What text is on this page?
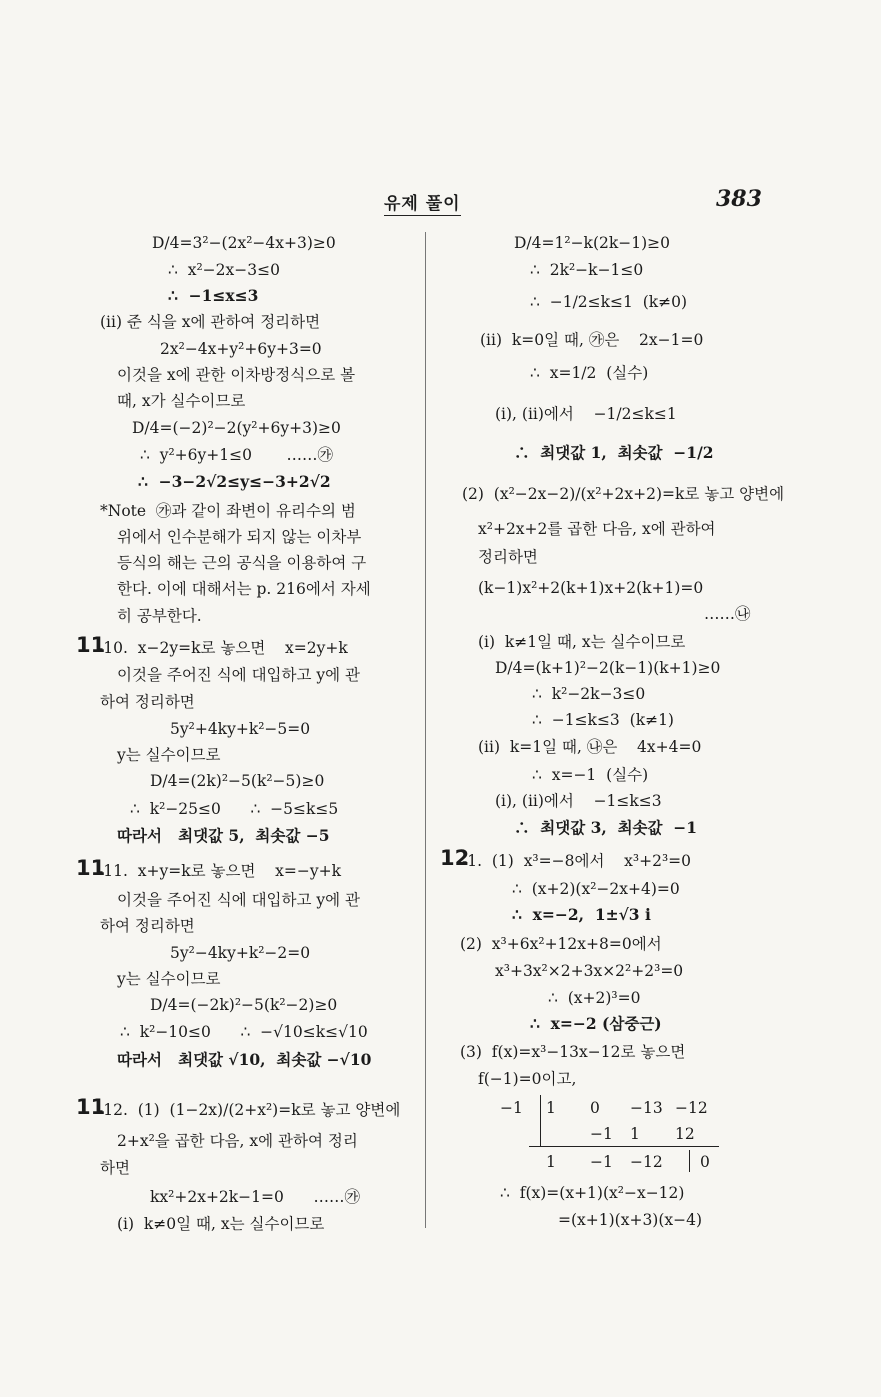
유제 풀이	383
D/4=3²−(2x²−4x+3)≥0
∴  x²−2x−3≤0
∴  −1≤x≤3
(ii) 준 식을 x에 관하여 정리하면
2x²−4x+y²+6y+3=0
이것을 x에 관한 이차방정식으로 볼
때, x가 실수이므로
D/4=(−2)²−2(y²+6y+3)≥0
∴  y²+6y+1≤0       ……㉮
∴  −3−2√2≤y≤−3+2√2
*Note  ㉮과 같이 좌변이 유리수의 범
위에서 인수분해가 되지 않는 이차부
등식의 해는 근의 공식을 이용하여 구
한다. 이에 대해서는 p. 216에서 자세
히 공부한다.
11
-10.  x−2y=k로 놓으면    x=2y+k
이것을 주어진 식에 대입하고 y에 관
하여 정리하면
5y²+4ky+k²−5=0
y는 실수이므로
D/4=(2k)²−5(k²−5)≥0
∴  k²−25≤0      ∴  −5≤k≤5
따라서   최댓값 5,  최솟값 −5
11
-11.  x+y=k로 놓으면    x=−y+k
이것을 주어진 식에 대입하고 y에 관
하여 정리하면
5y²−4ky+k²−2=0
y는 실수이므로
D/4=(−2k)²−5(k²−2)≥0
∴  k²−10≤0      ∴  −√10≤k≤√10
따라서   최댓값 √10,  최솟값 −√10
11
-12.  (1)  (1−2x)/(2+x²)=k로 놓고 양변에
2+x²을 곱한 다음, x에 관하여 정리
하면
kx²+2x+2k−1=0      ……㉮
(i)  k≠0일 때, x는 실수이므로
D/4=1²−k(2k−1)≥0
∴  2k²−k−1≤0
∴  −1/2≤k≤1  (k≠0)
(ii)  k=0일 때, ㉮은    2x−1=0
∴  x=1/2  (실수)
(i), (ii)에서    −1/2≤k≤1
∴  최댓값 1,  최솟값  −1/2
(2)  (x²−2x−2)/(x²+2x+2)=k로 놓고 양변에
x²+2x+2를 곱한 다음, x에 관하여
정리하면
(k−1)x²+2(k+1)x+2(k+1)=0
……㉯
(i)  k≠1일 때, x는 실수이므로
D/4=(k+1)²−2(k−1)(k+1)≥0
∴  k²−2k−3≤0
∴  −1≤k≤3  (k≠1)
(ii)  k=1일 때, ㉯은    4x+4=0
∴  x=−1  (실수)
(i), (ii)에서    −1≤k≤3
∴  최댓값 3,  최솟값  −1
12
-1.  (1)  x³=−8에서    x³+2³=0
∴  (x+2)(x²−2x+4)=0
∴  x=−2,  1±√3 i
(2)  x³+6x²+12x+8=0에서
x³+3x²×2+3x×2²+2³=0
∴  (x+2)³=0
∴  x=−2 (삼중근)
(3)  f(x)=x³−13x−12로 놓으면
f(−1)=0이고,
∴  f(x)=(x+1)(x²−x−12)
=(x+1)(x+3)(x−4)
−1 1 0 −13 −12
−1 1 12
1 −1 −12 0
